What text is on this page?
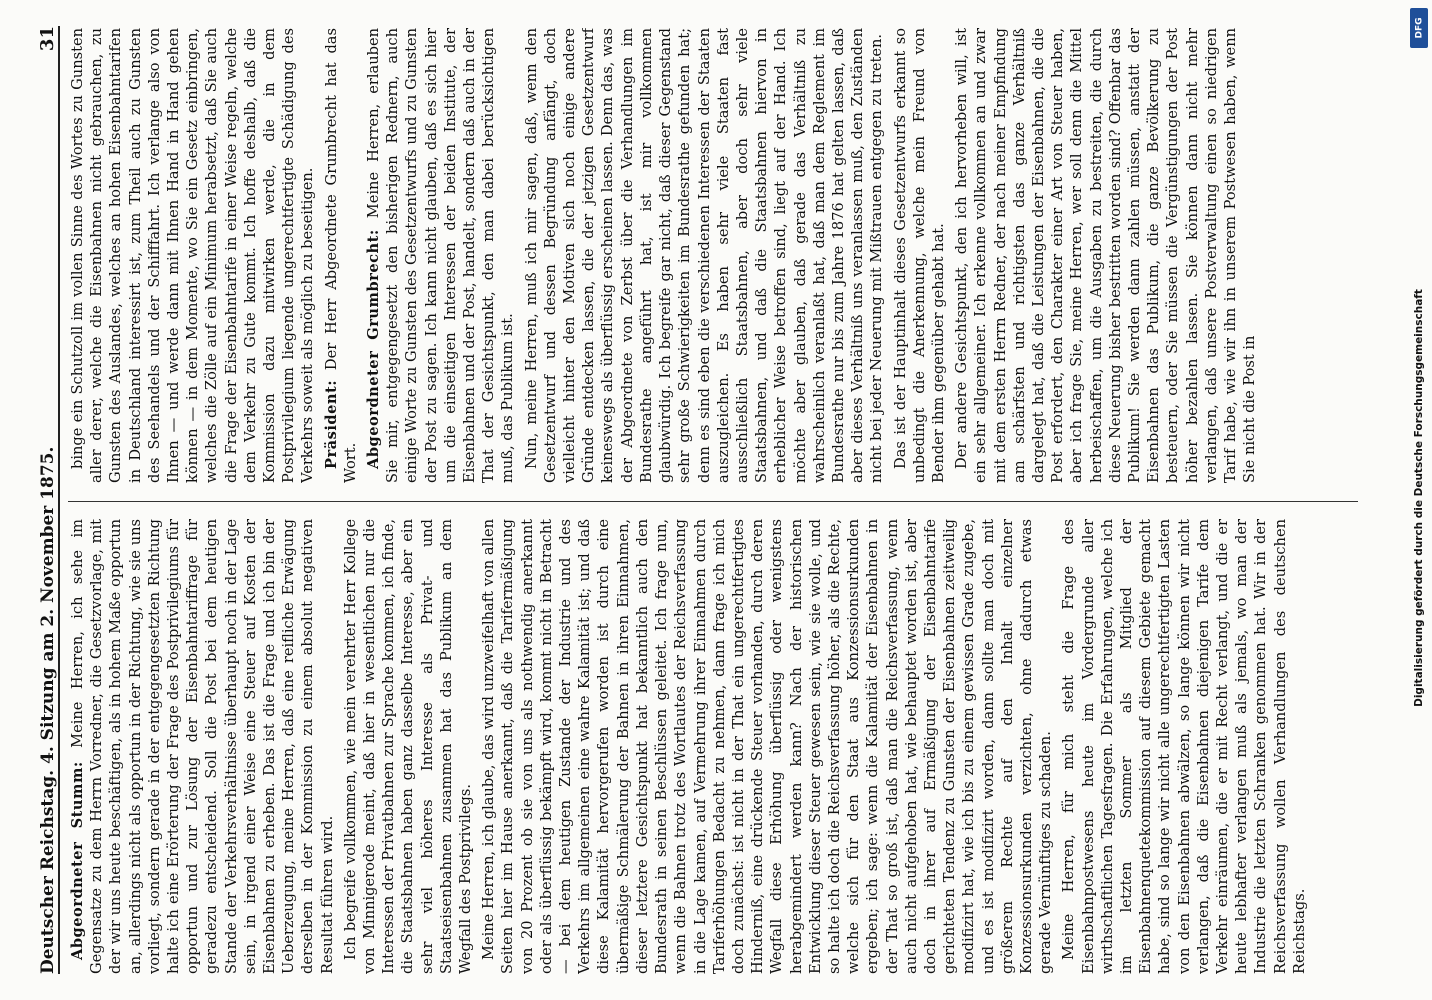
Deutscher Reichstag. 4. Sitzung am 2. November 1875.
31

Abgeordneter Stumm: Meine Herren, ich sehe im Gegensatze zu dem Herrn Vorredner, die Gesetzvorlage, mit der wir uns heute beschäftigen, als in hohem Maße opportun an, allerdings nicht als opportun in der Richtung, wie sie uns vorliegt, sondern gerade in der entgegengesetzten Richtung halte ich eine Erörterung der Frage des Postprivilegiums für opportun und zur Lösung der Eisenbahntariffrage für geradezu entscheidend. Soll die Post bei dem heutigen Stande der Verkehrsverhältnisse überhaupt noch in der Lage sein, in irgend einer Weise eine Steuer auf Kosten der Eisenbahnen zu erheben. Das ist die Frage und ich bin der Ueberzeugung, meine Herren, daß eine reifliche Erwägung derselben in der Kommission zu einem absolut negativen Resultat führen wird. Ich begreife vollkommen, wie mein verehrter Herr Kollege von Minnigerode meint, daß hier in wesentlichen nur die Interessen der Privatbahnen zur Sprache kommen, ich finde, die Staatsbahnen haben ganz dasselbe Interesse, aber ein sehr viel höheres Interesse als Privat- und Staatseisenbahnen zusammen hat das Publikum an dem Wegfall des Postprivilegs. Meine Herren, ich glaube, das wird unzweifelhaft von allen Seiten hier im Hause anerkannt, daß die Tarifermäßigung von 20 Prozent ob sie von uns als nothwendig anerkannt oder als überflüssig bekämpft wird, kommt nicht in Betracht — bei dem heutigen Zustande der Industrie und des Verkehrs im allgemeinen eine wahre Kalamität ist; und daß diese Kalamität hervorgerufen worden ist durch eine übermäßige Schmälerung der Bahnen in ihren Einnahmen, dieser letztere Gesichtspunkt hat bekanntlich auch den Bundesrath in seinen Beschlüssen geleitet. Ich frage nun, wenn die Bahnen trotz des Wortlautes der Reichsverfassung in die Lage kamen, auf Vermehrung ihrer Einnahmen durch Tariferhöhungen Bedacht zu nehmen, dann frage ich mich doch zunächst: ist nicht in der That ein ungerechtfertigtes Hinderniß, eine drückende Steuer vorhanden, durch deren Wegfall diese Erhöhung überflüssig oder wenigstens herabgemindert werden kann? Nach der historischen Entwicklung dieser Steuer gewesen sein, wie sie wolle, und so halte ich doch die Reichsverfassung höher, als die Rechte, welche sich für den Staat aus Konzessionsurkunden ergeben; ich sage: wenn die Kalamität der Eisenbahnen in der That so groß ist, daß man die Reichsverfassung, wenn auch nicht aufgehoben hat, wie behauptet worden ist, aber doch in ihrer auf Ermäßigung der Eisenbahntarife gerichteten Tendenz zu Gunsten der Eisenbahnen zeitweilig modifizirt hat, wie ich bis zu einem gewissen Grade zugebe, und es ist modifizirt worden, dann sollte man doch mit größerem Rechte auf den Inhalt einzelner Konzessionsurkunden verzichten, ohne dadurch etwas gerade Vernünftiges zu schaden. Meine Herren, für mich steht die Frage des Eisenbahnpostwesens heute im Vordergrunde aller wirthschaftlichen Tagesfragen. Die Erfahrungen, welche ich im letzten Sommer als Mitglied der Eisenbahnenquetekommission auf diesem Gebiete gemacht habe, sind so lange wir nicht alle ungerechtfertigten Lasten von den Eisenbahnen abwälzen, so lange können wir nicht verlangen, daß die Eisenbahnen diejenigen Tarife dem Verkehr einräumen, die er mit Recht verlangt, und die er heute lebhafter verlangen muß als jemals, wo man der Industrie die letzten Schranken genommen hat. Wir in der Reichsverfassung wollen Verhandlungen des deutschen Reichstags.

binge ein Schutzoll im vollen Sinne des Wortes zu Gunsten aller derer, welche die Eisenbahnen nicht gebrauchen, zu Gunsten des Auslandes, welches an hohen Eisenbahntarifen in Deutschland interessirt ist, zum Theil auch zu Gunsten des Seehandels und der Schifffahrt. Ich verlange also von Ihnen — und werde dann mit Ihnen Hand in Hand gehen können — in dem Momente, wo Sie ein Gesetz einbringen, welches die Zölle auf ein Minimum herabsetzt, daß Sie auch die Frage der Eisenbahntarife in einer Weise regeln, welche dem Verkehr zu Gute kommt. Ich hoffe deshalb, daß die Kommission dazu mitwirken werde, die in dem Postprivilegium liegende ungerechtfertigte Schädigung des Verkehrs soweit als möglich zu beseitigen. Präsident: Der Herr Abgeordnete Grumbrecht hat das Wort. Abgeordneter Grumbrecht: Meine Herren, erlauben Sie mir, entgegengesetzt den bisherigen Rednern, auch einige Worte zu Gunsten des Gesetzentwurfs und zu Gunsten der Post zu sagen. Ich kann nicht glauben, daß es sich hier um die einseitigen Interessen der beiden Institute, der Eisenbahnen und der Post, handelt, sondern daß auch in der That der Gesichtspunkt, den man dabei berücksichtigen muß, das Publikum ist. Nun, meine Herren, muß ich mir sagen, daß, wenn den Gesetzentwurf und dessen Begründung anfängt, doch vielleicht hinter den Motiven sich noch einige andere Gründe entdecken lassen, die der jetzigen Gesetzentwurf keineswegs als überflüssig erscheinen lassen. Denn das, was der Abgeordnete von Zerbst über die Verhandlungen im Bundesrathe angeführt hat, ist mir vollkommen glaubwürdig. Ich begreife gar nicht, daß dieser Gegenstand sehr große Schwierigkeiten im Bundesrathe gefunden hat; denn es sind eben die verschiedenen Interessen der Staaten auszugleichen. Es haben sehr viele Staaten fast ausschließlich Staatsbahnen, aber doch sehr viele Staatsbahnen, und daß die Staatsbahnen hiervon in erheblicher Weise betroffen sind, liegt auf der Hand. Ich möchte aber glauben, daß gerade das Verhältniß zu wahrscheinlich veranlaßt hat, daß man dem Reglement im Bundesrathe nur bis zum Jahre 1876 hat gelten lassen, daß aber dieses Verhältniß uns veranlassen muß, den Zuständen nicht bei jeder Neuerung mit Mißtrauen entgegen zu treten. Das ist der Hauptinhalt dieses Gesetzentwurfs erkannt so unbedingt die Anerkennung, welche mein Freund von Bender ihm gegenüber gehabt hat. Der andere Gesichtspunkt, den ich hervorheben will, ist ein sehr allgemeiner. Ich erkenne vollkommen an und zwar mit dem ersten Herrn Redner, der nach meiner Empfindung am schärfsten und richtigsten das ganze Verhältniß dargelegt hat, daß die Leistungen der Eisenbahnen, die die Post erfordert, den Charakter einer Art von Steuer haben, aber ich frage Sie, meine Herren, wer soll denn die Mittel herbeischaffen, um die Ausgaben zu bestreiten, die durch diese Neuerung bisher bestritten worden sind? Offenbar das Publikum! Sie werden dann zahlen müssen, anstatt der Eisenbahnen das Publikum, die ganze Bevölkerung zu besteuern, oder Sie müssen die Vergünstigungen der Post höher bezahlen lassen. Sie können dann nicht mehr verlangen, daß unsere Postverwaltung einen so niedrigen Tarif habe, wie wir ihn in unserem Postwesen haben, wenn Sie nicht die Post in

DFG
Digitalisierung gefördert durch die Deutsche Forschungsgemeinschaft
